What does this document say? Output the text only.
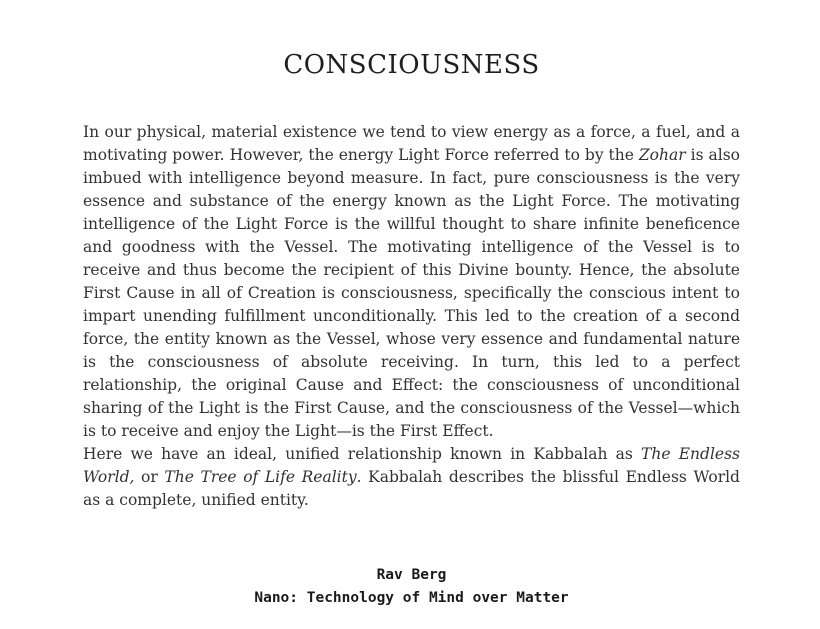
CONSCIOUSNESS

In our physical, material existence we tend to view energy as a force, a fuel, and a motivating power. However, the energy Light Force referred to by the Zohar is also imbued with intelligence beyond measure. In fact, pure consciousness is the very essence and substance of the energy known as the Light Force. The motivating intelligence of the Light Force is the willful thought to share infinite beneficence and goodness with the Vessel. The motivating intelligence of the Vessel is to receive and thus become the recipient of this Divine bounty. Hence, the absolute First Cause in all of Creation is consciousness, specifically the conscious intent to impart unending fulfillment unconditionally. This led to the creation of a second force, the entity known as the Vessel, whose very essence and fundamental nature is the consciousness of absolute receiving. In turn, this led to a perfect relationship, the original Cause and Effect: the consciousness of unconditional sharing of the Light is the First Cause, and the consciousness of the Vessel—which is to receive and enjoy the Light—is the First Effect.

Here we have an ideal, unified relationship known in Kabbalah as The Endless World, or The Tree of Life Reality. Kabbalah describes the blissful Endless World as a complete, unified entity.

Rav Berg
Nano: Technology of Mind over Matter
